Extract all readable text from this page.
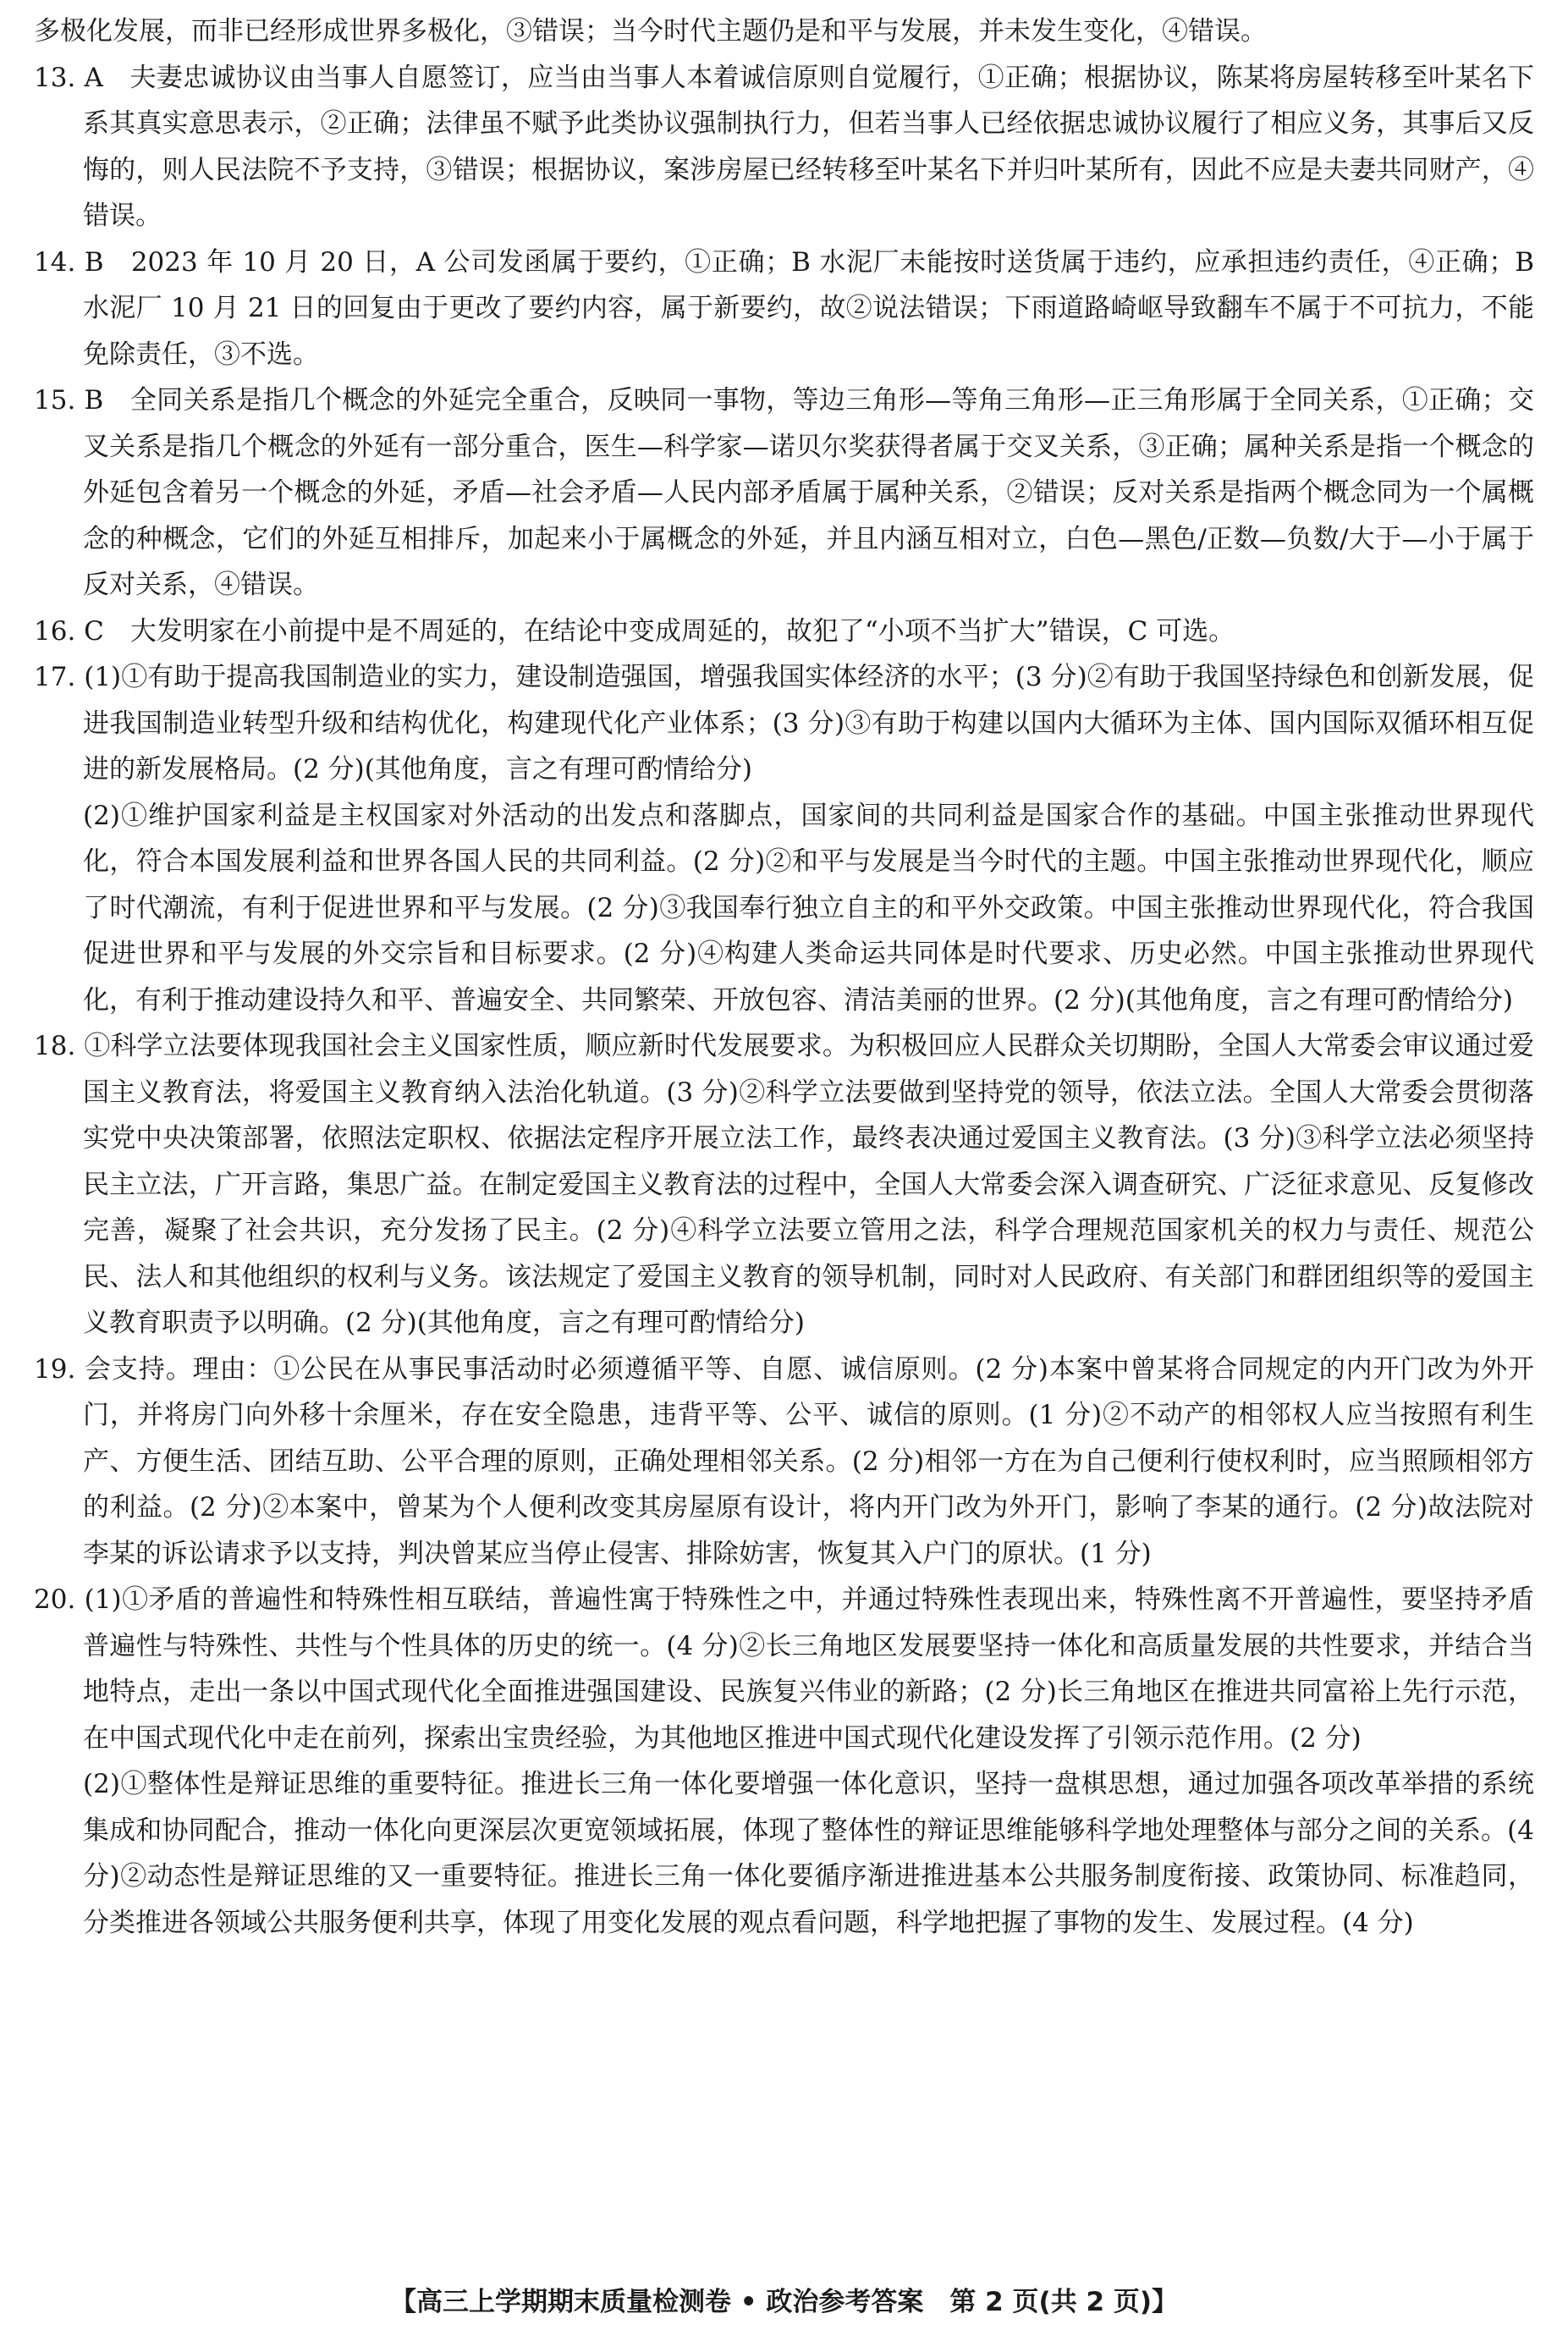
多极化发展，而非已经形成世界多极化，③错误；当今时代主题仍是和平与发展，并未发生变化，④错误。

13. A　夫妻忠诚协议由当事人自愿签订，应当由当事人本着诚信原则自觉履行，①正确；根据协议，陈某将房屋转移至叶某名下系其真实意思表示，②正确；法律虽不赋予此类协议强制执行力，但若当事人已经依据忠诚协议履行了相应义务，其事后又反悔的，则人民法院不予支持，③错误；根据协议，案涉房屋已经转移至叶某名下并归叶某所有，因此不应是夫妻共同财产，④错误。

14. B　2023 年 10 月 20 日，A 公司发函属于要约，①正确；B 水泥厂未能按时送货属于违约，应承担违约责任，④正确；B 水泥厂 10 月 21 日的回复由于更改了要约内容，属于新要约，故②说法错误；下雨道路崎岖导致翻车不属于不可抗力，不能免除责任，③不选。

15. B　全同关系是指几个概念的外延完全重合，反映同一事物，等边三角形—等角三角形—正三角形属于全同关系，①正确；交叉关系是指几个概念的外延有一部分重合，医生—科学家—诺贝尔奖获得者属于交叉关系，③正确；属种关系是指一个概念的外延包含着另一个概念的外延，矛盾—社会矛盾—人民内部矛盾属于属种关系，②错误；反对关系是指两个概念同为一个属概念的种概念，它们的外延互相排斥，加起来小于属概念的外延，并且内涵互相对立，白色—黑色/正数—负数/大于—小于属于反对关系，④错误。

16. C　大发明家在小前提中是不周延的，在结论中变成周延的，故犯了“小项不当扩大”错误，C 可选。

17. (1)①有助于提高我国制造业的实力，建设制造强国，增强我国实体经济的水平；(3 分)②有助于我国坚持绿色和创新发展，促进我国制造业转型升级和结构优化，构建现代化产业体系；(3 分)③有助于构建以国内大循环为主体、国内国际双循环相互促进的新发展格局。(2 分)(其他角度，言之有理可酌情给分)

(2)①维护国家利益是主权国家对外活动的出发点和落脚点，国家间的共同利益是国家合作的基础。中国主张推动世界现代化，符合本国发展利益和世界各国人民的共同利益。(2 分)②和平与发展是当今时代的主题。中国主张推动世界现代化，顺应了时代潮流，有利于促进世界和平与发展。(2 分)③我国奉行独立自主的和平外交政策。中国主张推动世界现代化，符合我国促进世界和平与发展的外交宗旨和目标要求。(2 分)④构建人类命运共同体是时代要求、历史必然。中国主张推动世界现代化，有利于推动建设持久和平、普遍安全、共同繁荣、开放包容、清洁美丽的世界。(2 分)(其他角度，言之有理可酌情给分)

18. ①科学立法要体现我国社会主义国家性质，顺应新时代发展要求。为积极回应人民群众关切期盼，全国人大常委会审议通过爱国主义教育法，将爱国主义教育纳入法治化轨道。(3 分)②科学立法要做到坚持党的领导，依法立法。全国人大常委会贯彻落实党中央决策部署，依照法定职权、依据法定程序开展立法工作，最终表决通过爱国主义教育法。(3 分)③科学立法必须坚持民主立法，广开言路，集思广益。在制定爱国主义教育法的过程中，全国人大常委会深入调查研究、广泛征求意见、反复修改完善，凝聚了社会共识，充分发扬了民主。(2 分)④科学立法要立管用之法，科学合理规范国家机关的权力与责任、规范公民、法人和其他组织的权利与义务。该法规定了爱国主义教育的领导机制，同时对人民政府、有关部门和群团组织等的爱国主义教育职责予以明确。(2 分)(其他角度，言之有理可酌情给分)

19. 会支持。理由：①公民在从事民事活动时必须遵循平等、自愿、诚信原则。(2 分)本案中曾某将合同规定的内开门改为外开门，并将房门向外移十余厘米，存在安全隐患，违背平等、公平、诚信的原则。(1 分)②不动产的相邻权人应当按照有利生产、方便生活、团结互助、公平合理的原则，正确处理相邻关系。(2 分)相邻一方在为自己便利行使权利时，应当照顾相邻方的利益。(2 分)②本案中，曾某为个人便利改变其房屋原有设计，将内开门改为外开门，影响了李某的通行。(2 分)故法院对李某的诉讼请求予以支持，判决曾某应当停止侵害、排除妨害，恢复其入户门的原状。(1 分)

20. (1)①矛盾的普遍性和特殊性相互联结，普遍性寓于特殊性之中，并通过特殊性表现出来，特殊性离不开普遍性，要坚持矛盾普遍性与特殊性、共性与个性具体的历史的统一。(4 分)②长三角地区发展要坚持一体化和高质量发展的共性要求，并结合当地特点，走出一条以中国式现代化全面推进强国建设、民族复兴伟业的新路；(2 分)长三角地区在推进共同富裕上先行示范，在中国式现代化中走在前列，探索出宝贵经验，为其他地区推进中国式现代化建设发挥了引领示范作用。(2 分)

(2)①整体性是辩证思维的重要特征。推进长三角一体化要增强一体化意识，坚持一盘棋思想，通过加强各项改革举措的系统集成和协同配合，推动一体化向更深层次更宽领域拓展，体现了整体性的辩证思维能够科学地处理整体与部分之间的关系。(4 分)②动态性是辩证思维的又一重要特征。推进长三角一体化要循序渐进推进基本公共服务制度衔接、政策协同、标准趋同，分类推进各领域公共服务便利共享，体现了用变化发展的观点看问题，科学地把握了事物的发生、发展过程。(4 分)

【高三上学期期末质量检测卷 • 政治参考答案　第 2 页(共 2 页)】
